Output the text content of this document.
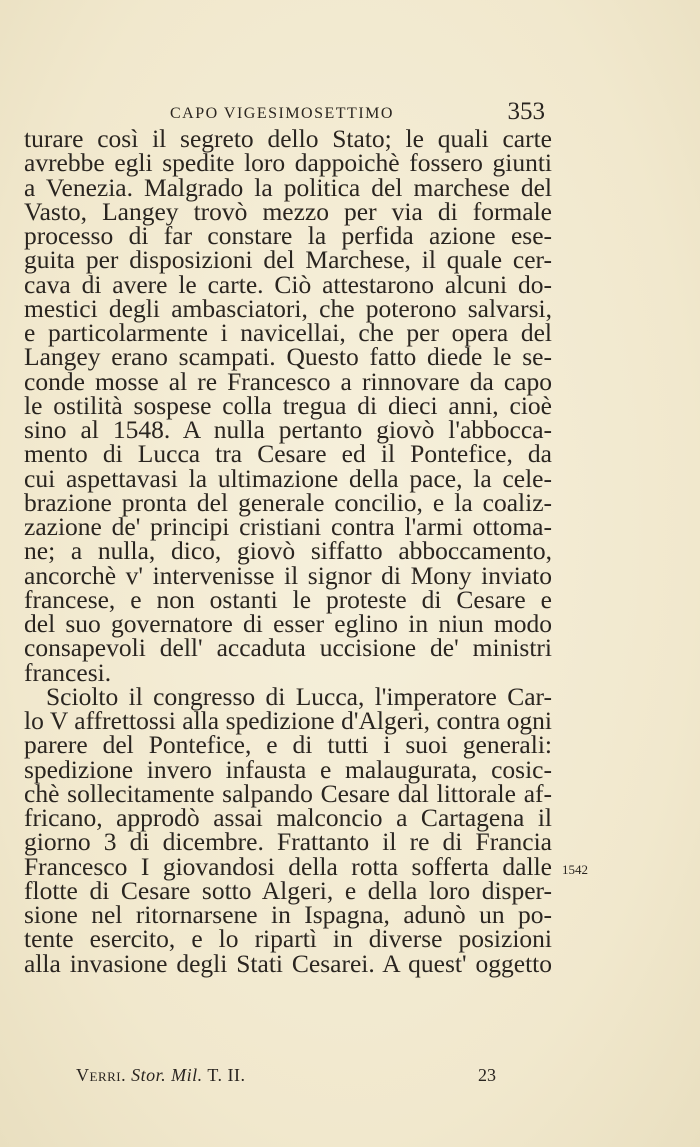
CAPO VIGESIMOSETTIMO	353
turare così il segreto dello Stato; le quali carte
avrebbe egli spedite loro dappoichè fossero giunti
a Venezia. Malgrado la politica del marchese del
Vasto, Langey trovò mezzo per via di formale
processo di far constare la perfida azione ese-
guita per disposizioni del Marchese, il quale cer-
cava di avere le carte. Ciò attestarono alcuni do-
mestici degli ambasciatori, che poterono salvarsi,
e particolarmente i navicellai, che per opera del
Langey erano scampati. Questo fatto diede le se-
conde mosse al re Francesco a rinnovare da capo
le ostilità sospese colla tregua di dieci anni, cioè
sino al 1548. A nulla pertanto giovò l'abbocca-
mento di Lucca tra Cesare ed il Pontefice, da
cui aspettavasi la ultimazione della pace, la cele-
brazione pronta del generale concilio, e la coaliz-
zazione de' principi cristiani contra l'armi ottoma-
ne; a nulla, dico, giovò siffatto abboccamento,
ancorchè v' intervenisse il signor di Mony inviato
francese, e non ostanti le proteste di Cesare e
del suo governatore di esser eglino in niun modo
consapevoli dell' accaduta uccisione de' ministri
francesi.
Sciolto il congresso di Lucca, l'imperatore Car-
lo V affrettossi alla spedizione d'Algeri, contra ogni
parere del Pontefice, e di tutti i suoi generali:
spedizione invero infausta e malaugurata, cosic-
chè sollecitamente salpando Cesare dal littorale af-
fricano, approdò assai malconcio a Cartagena il
giorno 3 di dicembre. Frattanto il re di Francia
Francesco I giovandosi della rotta sofferta dalle
flotte di Cesare sotto Algeri, e della loro disper-
sione nel ritornarsene in Ispagna, adunò un po-
tente esercito, e lo ripartì in diverse posizioni
alla invasione degli Stati Cesarei. A quest' oggetto
1542
Verri. Stor. Mil. T. II.	23
